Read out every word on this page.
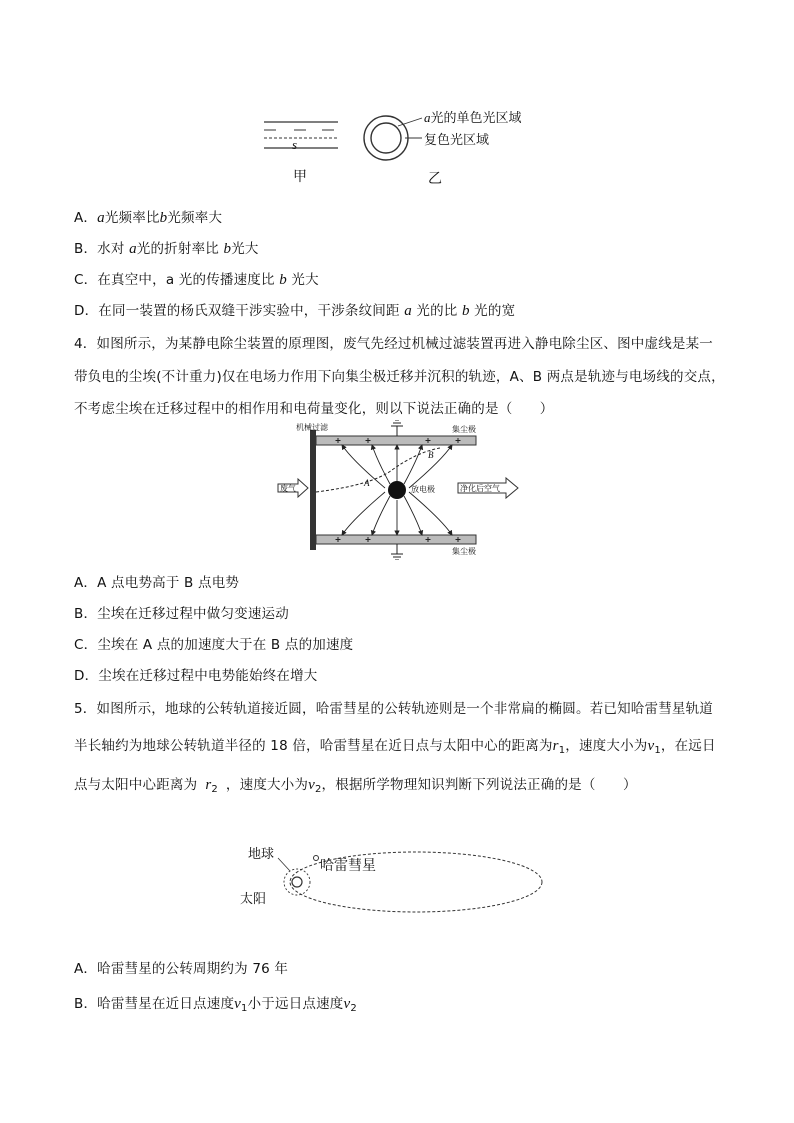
s
甲	乙
a光的单色光区域
复色光区域
A．a光频率比b光频率大
B．水对 a光的折射率比 b光大
C．在真空中，a 光的传播速度比 b 光大
D．在同一装置的杨氏双缝干涉实验中，干涉条纹间距 a 光的比 b 光的宽
4．如图所示，为某静电除尘装置的原理图，废气先经过机械过滤装置再进入静电除尘区、图中虚线是某一
带负电的尘埃(不计重力)仅在电场力作用下向集尘极迁移并沉积的轨迹，A、B 两点是轨迹与电场线的交点，
不考虑尘埃在迁移过程中的相作用和电荷量变化，则以下说法正确的是（　　）
机械过滤	集尘极
集尘极
放电极
废气	净化后空气
A
B
A．A 点电势高于 B 点电势
B．尘埃在迁移过程中做匀变速运动
C．尘埃在 A 点的加速度大于在 B 点的加速度
D．尘埃在迁移过程中电势能始终在增大
5．如图所示，地球的公转轨道接近圆，哈雷彗星的公转轨迹则是一个非常扁的椭圆。若已知哈雷彗星轨道
半长轴约为地球公转轨道半径的 18 倍，哈雷彗星在近日点与太阳中心的距离为$r_1$，速度大小为$v_1$，在远日
点与太阳中心距离为 $r_2$ ，速度大小为$v_2$，根据所学物理知识判断下列说法正确的是（　　）
地球
太阳
哈雷彗星
A．哈雷彗星的公转周期约为 76 年
B．哈雷彗星在近日点速度$v_1$小于远日点速度$v_2$
